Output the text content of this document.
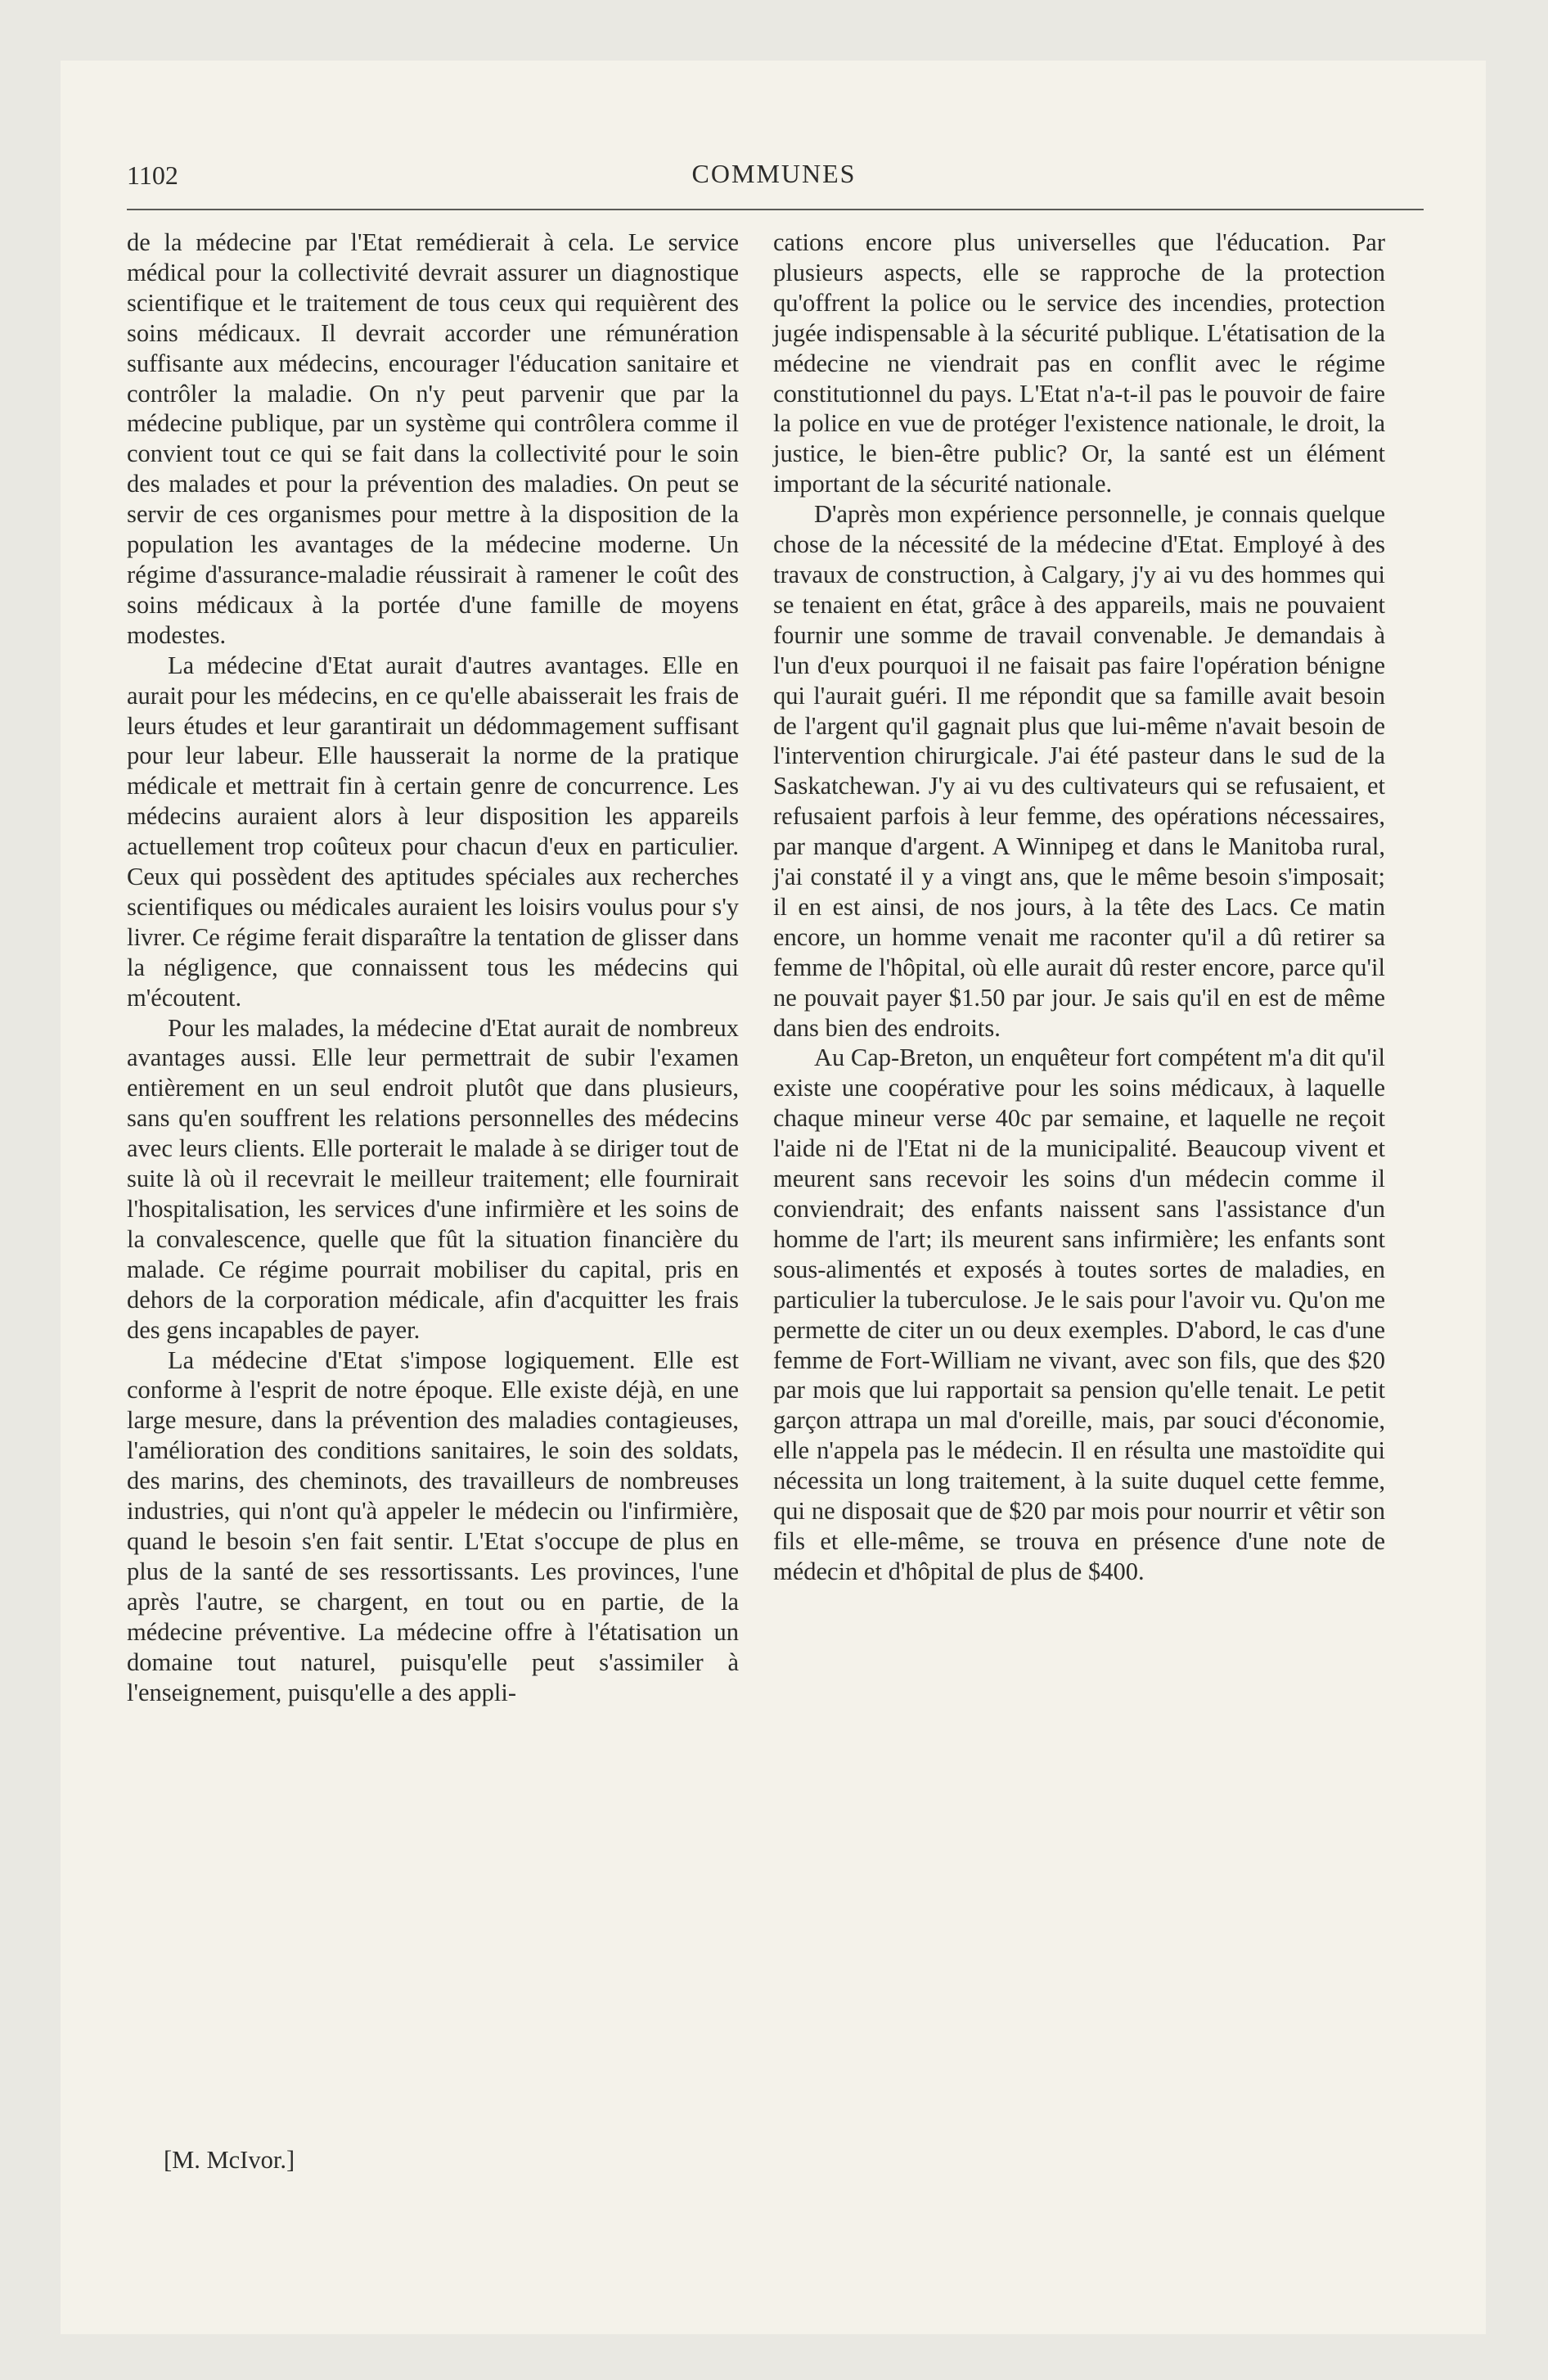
1102	COMMUNES

de la médecine par l'Etat remédierait à cela. Le service médical pour la collectivité devrait assurer un diagnostique scientifique et le traitement de tous ceux qui requièrent des soins médicaux. Il devrait accorder une rémunération suffisante aux médecins, encourager l'éducation sanitaire et contrôler la maladie. On n'y peut parvenir que par la médecine publique, par un système qui contrôlera comme il convient tout ce qui se fait dans la collectivité pour le soin des malades et pour la prévention des maladies. On peut se servir de ces organismes pour mettre à la disposition de la population les avantages de la médecine moderne. Un régime d'assurance-maladie réussirait à ramener le coût des soins médicaux à la portée d'une famille de moyens modestes.

La médecine d'Etat aurait d'autres avantages. Elle en aurait pour les médecins, en ce qu'elle abaisserait les frais de leurs études et leur garantirait un dédommagement suffisant pour leur labeur. Elle hausserait la norme de la pratique médicale et mettrait fin à certain genre de concurrence. Les médecins auraient alors à leur disposition les appareils actuellement trop coûteux pour chacun d'eux en particulier. Ceux qui possèdent des aptitudes spéciales aux recherches scientifiques ou médicales auraient les loisirs voulus pour s'y livrer. Ce régime ferait disparaître la tentation de glisser dans la négligence, que connaissent tous les médecins qui m'écoutent.

Pour les malades, la médecine d'Etat aurait de nombreux avantages aussi. Elle leur permettrait de subir l'examen entièrement en un seul endroit plutôt que dans plusieurs, sans qu'en souffrent les relations personnelles des médecins avec leurs clients. Elle porterait le malade à se diriger tout de suite là où il recevrait le meilleur traitement; elle fournirait l'hospitalisation, les services d'une infirmière et les soins de la convalescence, quelle que fût la situation financière du malade. Ce régime pourrait mobiliser du capital, pris en dehors de la corporation médicale, afin d'acquitter les frais des gens incapables de payer.

La médecine d'Etat s'impose logiquement. Elle est conforme à l'esprit de notre époque. Elle existe déjà, en une large mesure, dans la prévention des maladies contagieuses, l'amélioration des conditions sanitaires, le soin des soldats, des marins, des cheminots, des travailleurs de nombreuses industries, qui n'ont qu'à appeler le médecin ou l'infirmière, quand le besoin s'en fait sentir. L'Etat s'occupe de plus en plus de la santé de ses ressortissants. Les provinces, l'une après l'autre, se chargent, en tout ou en partie, de la médecine préventive. La médecine offre à l'étatisation un domaine tout naturel, puisqu'elle peut s'assimiler à l'enseignement, puisqu'elle a des appli-

[M. McIvor.]

cations encore plus universelles que l'éducation. Par plusieurs aspects, elle se rapproche de la protection qu'offrent la police ou le service des incendies, protection jugée indispensable à la sécurité publique. L'étatisation de la médecine ne viendrait pas en conflit avec le régime constitutionnel du pays. L'Etat n'a-t-il pas le pouvoir de faire la police en vue de protéger l'existence nationale, le droit, la justice, le bien-être public? Or, la santé est un élément important de la sécurité nationale.

D'après mon expérience personnelle, je connais quelque chose de la nécessité de la médecine d'Etat. Employé à des travaux de construction, à Calgary, j'y ai vu des hommes qui se tenaient en état, grâce à des appareils, mais ne pouvaient fournir une somme de travail convenable. Je demandais à l'un d'eux pourquoi il ne faisait pas faire l'opération bénigne qui l'aurait guéri. Il me répondit que sa famille avait besoin de l'argent qu'il gagnait plus que lui-même n'avait besoin de l'intervention chirurgicale. J'ai été pasteur dans le sud de la Saskatchewan. J'y ai vu des cultivateurs qui se refusaient, et refusaient parfois à leur femme, des opérations nécessaires, par manque d'argent. A Winnipeg et dans le Manitoba rural, j'ai constaté il y a vingt ans, que le même besoin s'imposait; il en est ainsi, de nos jours, à la tête des Lacs. Ce matin encore, un homme venait me raconter qu'il a dû retirer sa femme de l'hôpital, où elle aurait dû rester encore, parce qu'il ne pouvait payer $1.50 par jour. Je sais qu'il en est de même dans bien des endroits.

Au Cap-Breton, un enquêteur fort compétent m'a dit qu'il existe une coopérative pour les soins médicaux, à laquelle chaque mineur verse 40c par semaine, et laquelle ne reçoit l'aide ni de l'Etat ni de la municipalité. Beaucoup vivent et meurent sans recevoir les soins d'un médecin comme il conviendrait; des enfants naissent sans l'assistance d'un homme de l'art; ils meurent sans infirmière; les enfants sont sous-alimentés et exposés à toutes sortes de maladies, en particulier la tuberculose. Je le sais pour l'avoir vu. Qu'on me permette de citer un ou deux exemples. D'abord, le cas d'une femme de Fort-William ne vivant, avec son fils, que des $20 par mois que lui rapportait sa pension qu'elle tenait. Le petit garçon attrapa un mal d'oreille, mais, par souci d'économie, elle n'appela pas le médecin. Il en résulta une mastoïdite qui nécessita un long traitement, à la suite duquel cette femme, qui ne disposait que de $20 par mois pour nourrir et vêtir son fils et elle-même, se trouva en présence d'une note de médecin et d'hôpital de plus de $400.
